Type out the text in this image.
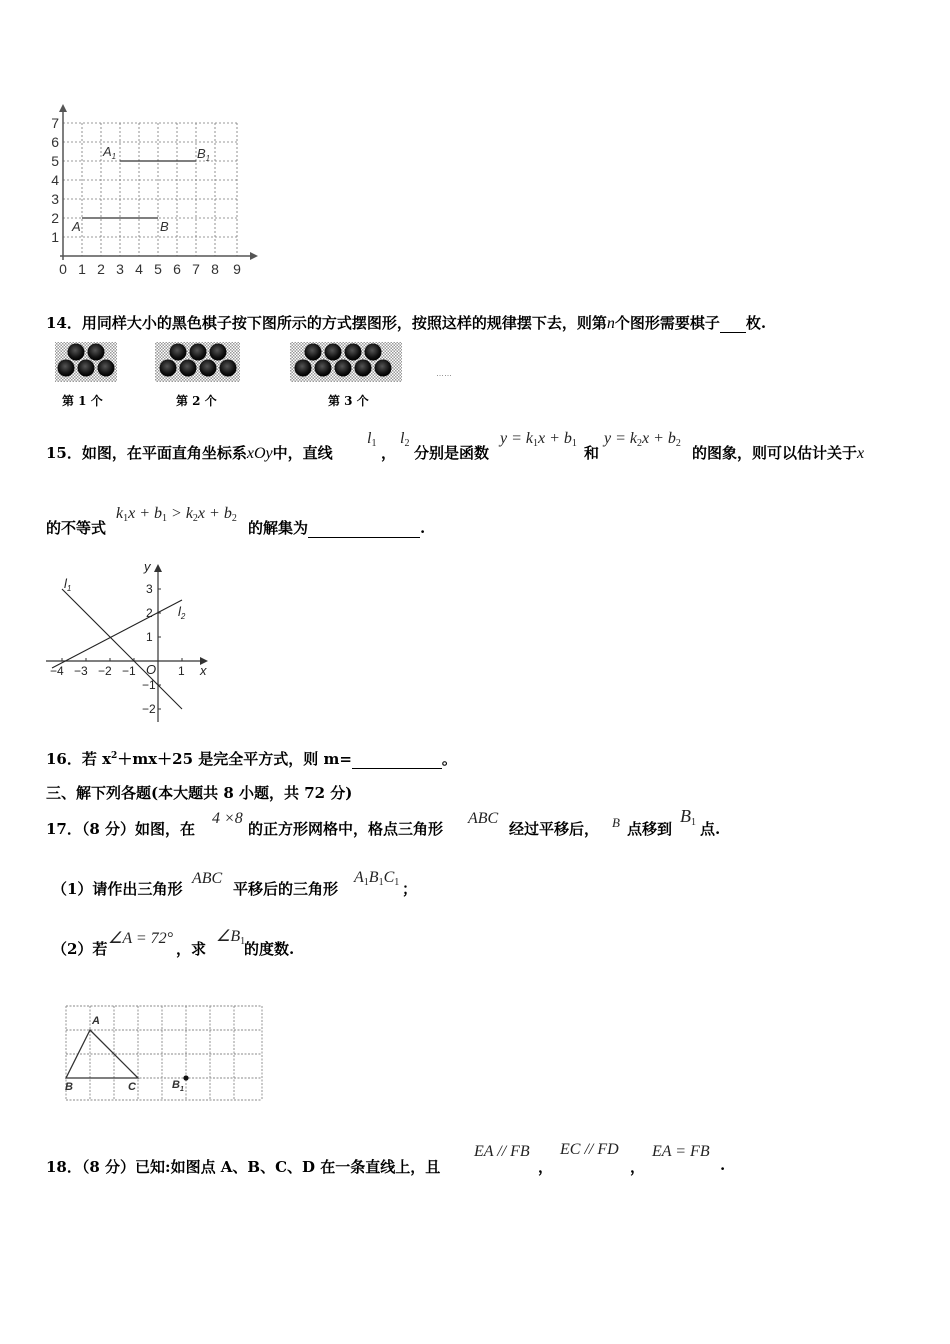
7
6
5
4
3
2
1
0 1 2 3 4 5 6 7 8 9
$A_1$	$B_1$
A	B
14．用同样大小的黑色棋子按下图所示的方式摆图形，按照这样的规律摆下去，则第n个图形需要棋子 枚.
……
第 1 个	第 2 个	第 3 个
15．如图，在平面直角坐标系xOy中，直线
$l_1$
，
$l_2$
分别是函数
$y = k_1x + b_1$
和
$y = k_2x + b_2$
的图象，则可以估计关于x
的不等式
$k_1x + b_1 > k_2x + b_2$
的解集为	.
−4 −3 −2 −1	1
3
2
1
−1
−2
y
x
O
$l_1$
$l_2$
16．若 $x^2+mx+25$ 是完全平方式，则 m=	。
三、解下列各题(本大题共 8 小题，共 72 分)
17．（8 分）如图，在
4 ×8
的正方形网格中，格点三角形
ABC
经过平移后， B 点移到
$B_1$ 点.
（1）请作出三角形
ABC
平移后的三角形
$A_1B_1C_1$ ；
（2）若
∠A = 72°
，求
$\angle B_1$
的度数.
A
B	C	$B_1$
18．（8 分）已知:如图点 A、B、C、D 在一条直线上，且
EA // FB
，
EC // FD
，
EA = FB
.
